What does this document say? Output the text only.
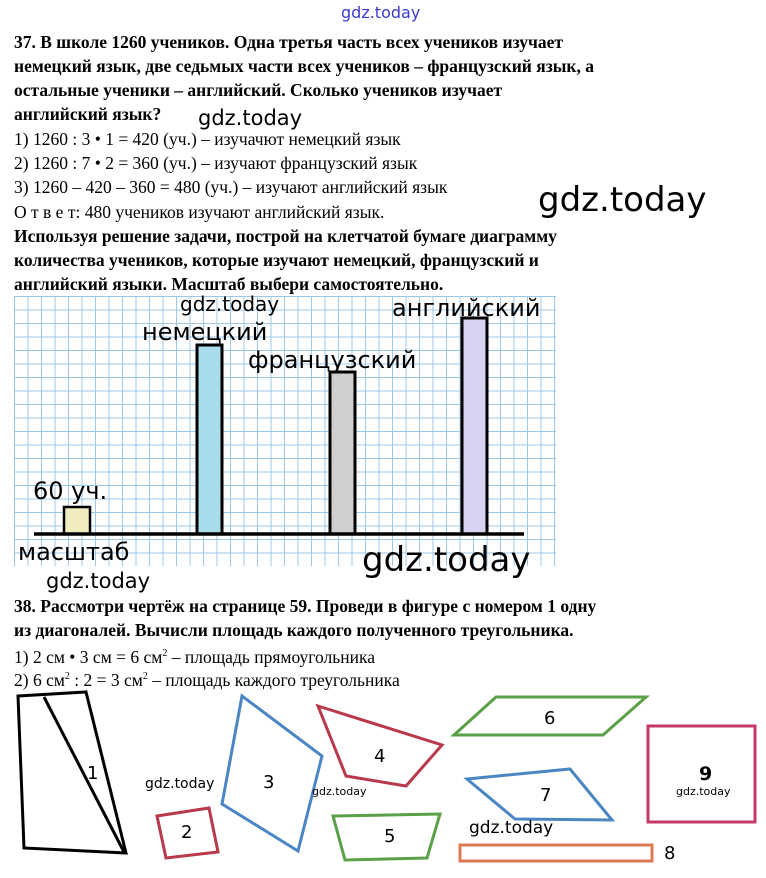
gdz.today
37. В школе 1260 учеников. Одна третья часть всех учеников изучает
немецкий язык, две седьмых части всех учеников – французский язык, а
остальные ученики – английский. Сколько учеников изучает
английский язык? gdz.today
1) 1260 : 3 • 1 = 420 (уч.) – изучачют немецкий язык
2) 1260 : 7 • 2 = 360 (уч.) – изучают французский язык
3) 1260 – 420 – 360 = 480 (уч.) – изучают английский язык	gdz.today
О т в е т: 480 учеников изучают английский язык.
Используя решение задачи, построй на клетчатой бумаге диаграмму
количества учеников, которые изучают немецкий, французский и
английский языки. Масштаб выбери самостоятельно.
60 уч.
немецкий
французский
английский
масштаб
gdz.today
gdz.today
gdz.today
38. Рассмотри чертёж на странице 59. Проведи в фигуре с номером 1 одну
из диагоналей. Вычисли площадь каждого полученного треугольника.
1) 2 см • 3 см = 6 $см^2$ – площадь прямоугольника
2) 6 $см^2$ : 2 = 3 $см^2$ – площадь каждого треугольника
1
2
3
4
5
6
7
8
9
gdz.today	gdz.today
gdz.today
gdz.today
